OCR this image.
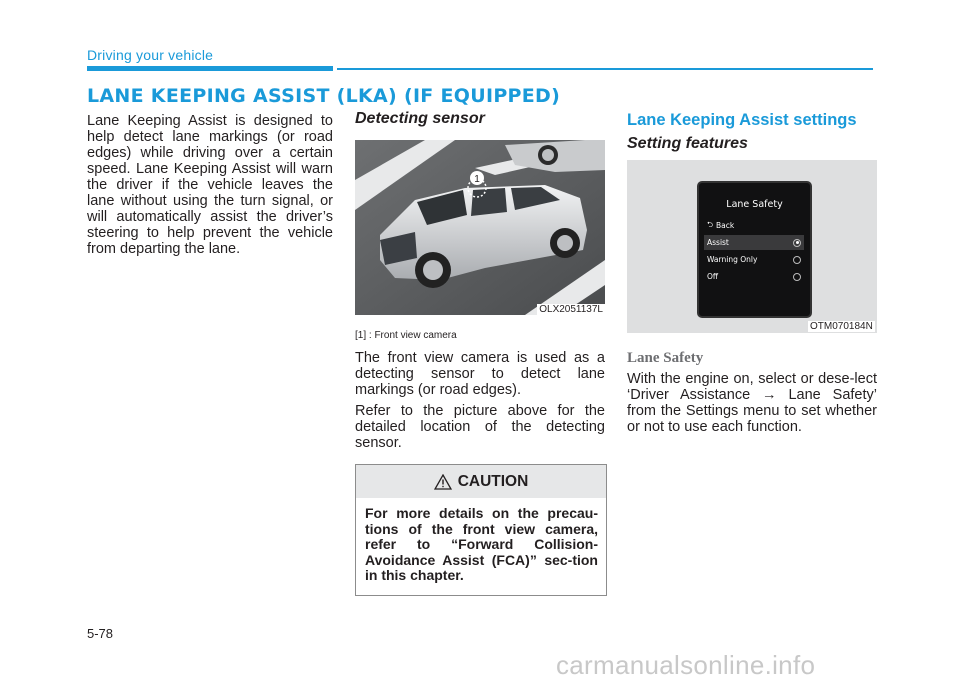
Driving your vehicle
LANE KEEPING ASSIST (LKA) (IF EQUIPPED)
Lane Keeping Assist is designed to help detect lane markings (or road edges) while driving over a certain speed. Lane Keeping Assist will warn the driver if the vehicle leaves the lane without using the turn signal, or will automatically assist the driver’s steering to help prevent the vehicle from departing the lane.
Detecting sensor
1
OLX2051137L
[1] : Front view camera
The front view camera is used as a detecting sensor to detect lane markings (or road edges).
Refer to the picture above for the detailed location of the detecting sensor.
CAUTION
For more details on the precau-tions of the front view camera, refer to “Forward Collision-Avoidance Assist (FCA)” sec-tion in this chapter.
Lane Keeping Assist settings
Setting features
Lane Safety
⮌ Back
Assist
Warning Only
Off
OTM070184N
Lane Safety
With the engine on, select or dese-lect ‘Driver Assistance → Lane Safety’ from the Settings menu to set whether or not to use each function.
5-78
carmanualsonline.info
